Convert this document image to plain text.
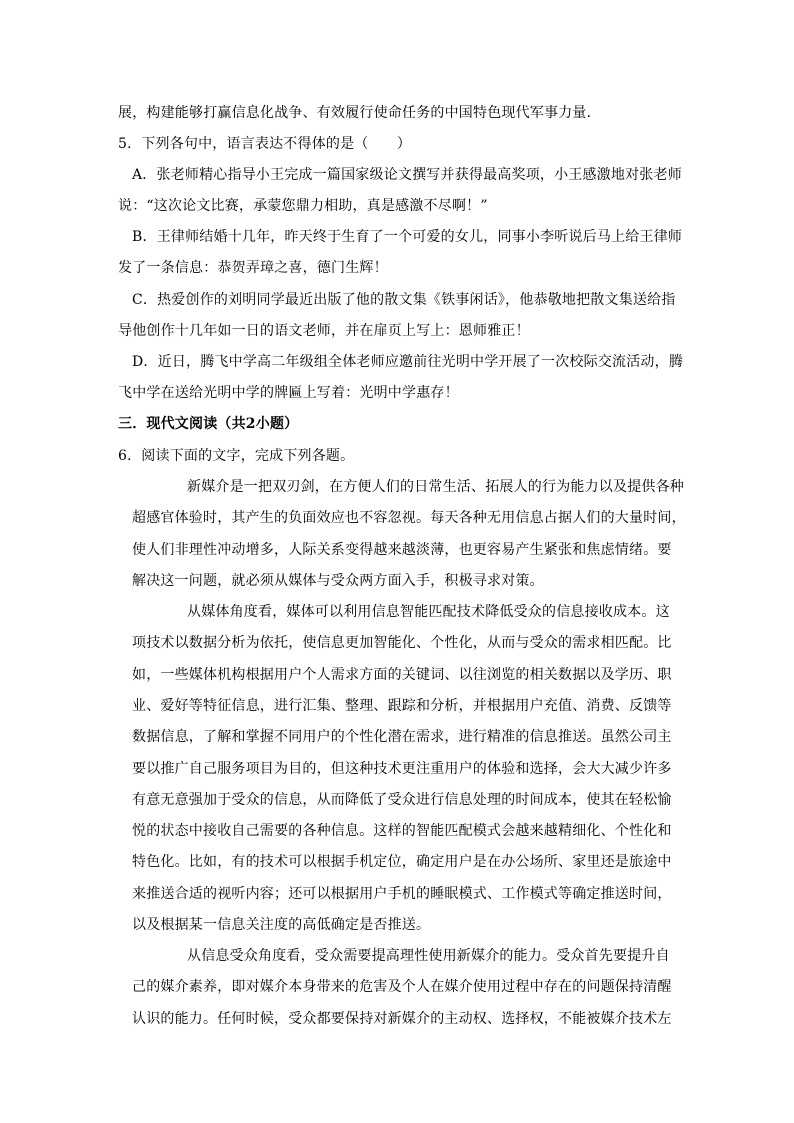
展，构建能够打赢信息化战争、有效履行使命任务的中国特色现代军事力量．
5．下列各句中，语言表达不得体的是（　　）
A．张老师精心指导小王完成一篇国家级论文撰写并获得最高奖项，小王感激地对张老师
说：“这次论文比赛，承蒙您鼎力相助，真是感激不尽啊！”
B．王律师结婚十几年，昨天终于生育了一个可爱的女儿，同事小李听说后马上给王律师
发了一条信息：恭贺弄璋之喜，德门生辉！
C．热爱创作的刘明同学最近出版了他的散文集《铁事闲话》，他恭敬地把散文集送给指
导他创作十几年如一日的语文老师，并在扉页上写上：恩师雅正！
D．近日，腾飞中学高二年级组全体老师应邀前往光明中学开展了一次校际交流活动，腾
飞中学在送给光明中学的牌匾上写着：光明中学惠存！
三．现代文阅读（共2小题）
6．阅读下面的文字，完成下列各题。
新媒介是一把双刃剑，在方便人们的日常生活、拓展人的行为能力以及提供各种
超感官体验时，其产生的负面效应也不容忽视。每天各种无用信息占据人们的大量时间，
使人们非理性冲动增多，人际关系变得越来越淡薄，也更容易产生紧张和焦虑情绪。要
解决这一问题，就必须从媒体与受众两方面入手，积极寻求对策。
从媒体角度看，媒体可以利用信息智能匹配技术降低受众的信息接收成本。这
项技术以数据分析为依托，使信息更加智能化、个性化，从而与受众的需求相匹配。比
如，一些媒体机构根据用户个人需求方面的关键词、以往浏览的相关数据以及学历、职
业、爱好等特征信息，进行汇集、整理、跟踪和分析，并根据用户充值、消费、反馈等
数据信息，了解和掌握不同用户的个性化潜在需求，进行精准的信息推送。虽然公司主
要以推广自己服务项目为目的，但这种技术更注重用户的体验和选择，会大大减少许多
有意无意强加于受众的信息，从而降低了受众进行信息处理的时间成本，使其在轻松愉
悦的状态中接收自己需要的各种信息。这样的智能匹配模式会越来越精细化、个性化和
特色化。比如，有的技术可以根据手机定位，确定用户是在办公场所、家里还是旅途中
来推送合适的视听内容；还可以根据用户手机的睡眠模式、工作模式等确定推送时间，
以及根据某一信息关注度的高低确定是否推送。
从信息受众角度看，受众需要提高理性使用新媒介的能力。受众首先要提升自
己的媒介素养，即对媒介本身带来的危害及个人在媒介使用过程中存在的问题保持清醒
认识的能力。任何时候，受众都要保持对新媒介的主动权、选择权，不能被媒介技术左
